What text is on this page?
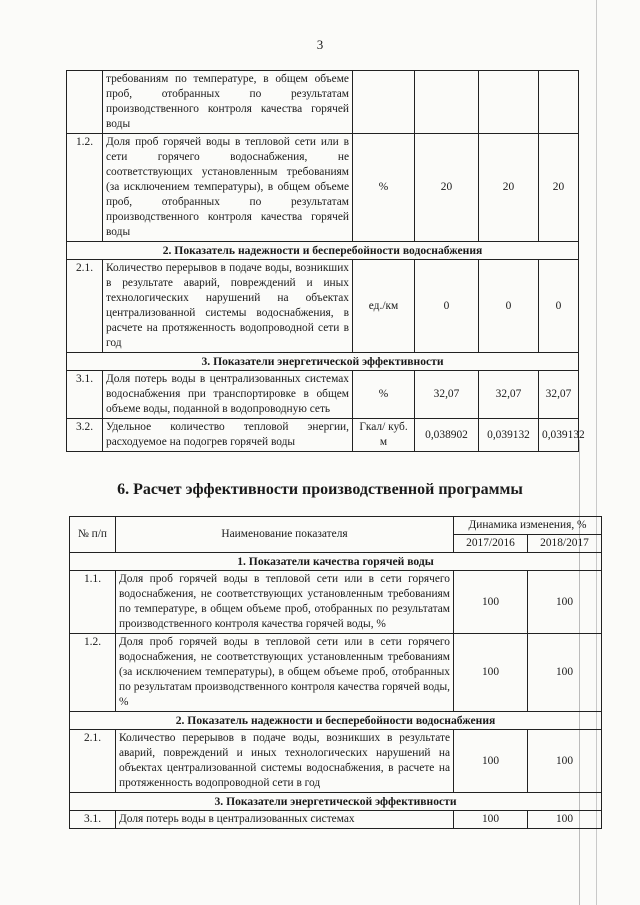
3
	требованиям по температуре, в общем объеме проб, отобранных по результатам производственного контроля качества горячей воды				
1.2.	Доля проб горячей воды в тепловой сети или в сети горячего водоснабжения, не соответствующих установленным требованиям (за исключением температуры), в общем объеме проб, отобранных по результатам производственного контроля качества горячей воды	%	20	20	20
2. Показатель надежности и бесперебойности водоснабжения					
2.1.	Количество перерывов в подаче воды, возникших в результате аварий, повреждений и иных технологических нарушений на объектах централизованной системы водоснабжения, в расчете на протяженность водопроводной сети в год	ед./км	0	0	0
3. Показатели энергетической эффективности					
3.1.	Доля потерь воды в централизованных системах водоснабжения при транспортировке в общем объеме воды, поданной в водопроводную сеть	%	32,07	32,07	32,07
3.2.	Удельное количество тепловой энергии, расходуемое на подогрев горячей воды	Гкал/ куб. м	0,038902	0,039132	0,039132
6. Расчет эффективности производственной программы
№ п/п	Наименование показателя	Динамика изменения, %	
		2017/2016	2018/2017
1. Показатели качества горячей воды			
1.1.	Доля проб горячей воды в тепловой сети или в сети горячего водоснабжения, не соответствующих установленным требованиям по температуре, в общем объеме проб, отобранных по результатам производственного контроля качества горячей воды, %	100	100
1.2.	Доля проб горячей воды в тепловой сети или в сети горячего водоснабжения, не соответствующих установленным требованиям (за исключением температуры), в общем объеме проб, отобранных по результатам производственного контроля качества горячей воды, %	100	100
2. Показатель надежности и бесперебойности водоснабжения			
2.1.	Количество перерывов в подаче воды, возникших в результате аварий, повреждений и иных технологических нарушений на объектах централизованной системы водоснабжения, в расчете на протяженность водопроводной сети в год	100	100
3. Показатели энергетической эффективности			
3.1.	Доля потерь воды в централизованных системах	100	100
